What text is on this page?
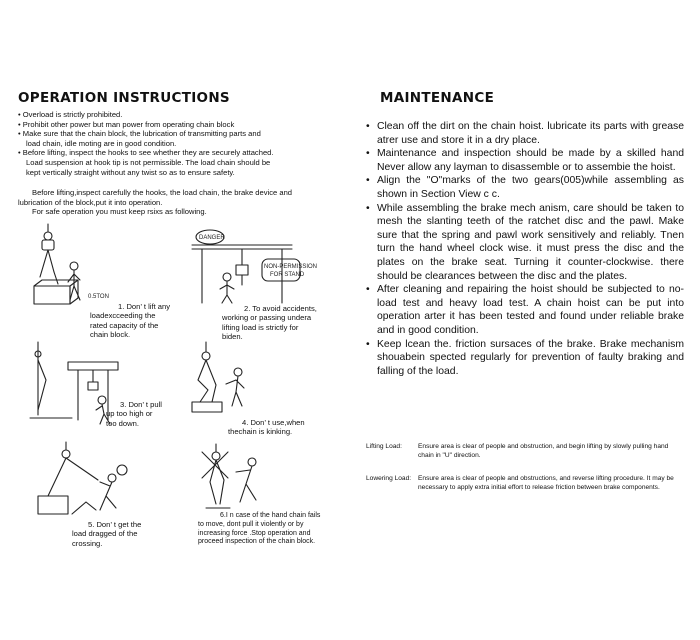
OPERATION INSTRUCTIONS

• Overload is strictly prohibited.

• Prohibit other power but man power from operating chain block

• Make sure that the chain block, the lubrication of transmitting parts and

load chain, idle moting are in good condition.

• Before lifting, inspect the hooks to see whether they are securely attached.

Load suspension at hook tip is not permissible. The load chain should be

kept vertically straight without any twist so as to ensure safety.

Before lifting,inspect carefully the hooks, the load chain, the brake device and

lubrication of the block,put it into operation.

For safe operation you must keep rsixs as following.

0.5TON
1. Don’ t lift any
loadexcceeding the
rated capacity of the
chain block.
DANGER
NON-PERMISSION
FOR STAND
2. To avoid accidents,
working or passing undera
lifting load is strictly for
biden.
3. Don’ t pull
up too high or
too down.	4. Don’ t use,when
thechain is kinking.
5. Don’ t get the
load dragged of the
crossing.
6.I n case of the hand chain fails
to move, dont pull it violently or by
increasing force .Stop operation and
proceed inspection of the chain block.
MAINTENANCE
• Clean off the dirt on the chain hoist. lubricate its parts with grease atrer use and store it in a dry place.
• Maintenance and inspection should be made by a skilled hand Never allow any layman to disassemble or to assembie the hoist.
• Align the "O"marks of the two gears(005)while assembling as shown in Section View c c.
• While assembling the brake mech anism, care should be taken to mesh the slanting teeth of the ratchet disc and the pawl. Make sure that the spring and pawl work sensitively and reliably. Tnen turn the hand wheel clock wise. it must press the disc and the plates on the brake seat. Turning it counter-clockwise. there should be clearances between the disc and the plates.
• After cleaning and repairing the hoist should be subjected to no-load test and heavy load test. A chain hoist can be put into operation arter it has been tested and found under reliable brake and in good condition.
• Keep lcean the. friction sursaces of the brake. Brake mechanism shouabein spected regularly for prevention of faulty braking and falling of the load.
Lifting Load: Ensure area is clear of people and obstruction, and begin lifting by slowly pulling hand chain in "U" direction.
Lowering Load: Ensure area is clear of people and obstructions, and reverse lifting procedure. It may be necessary to apply extra initial effort to release friction between brake components.
